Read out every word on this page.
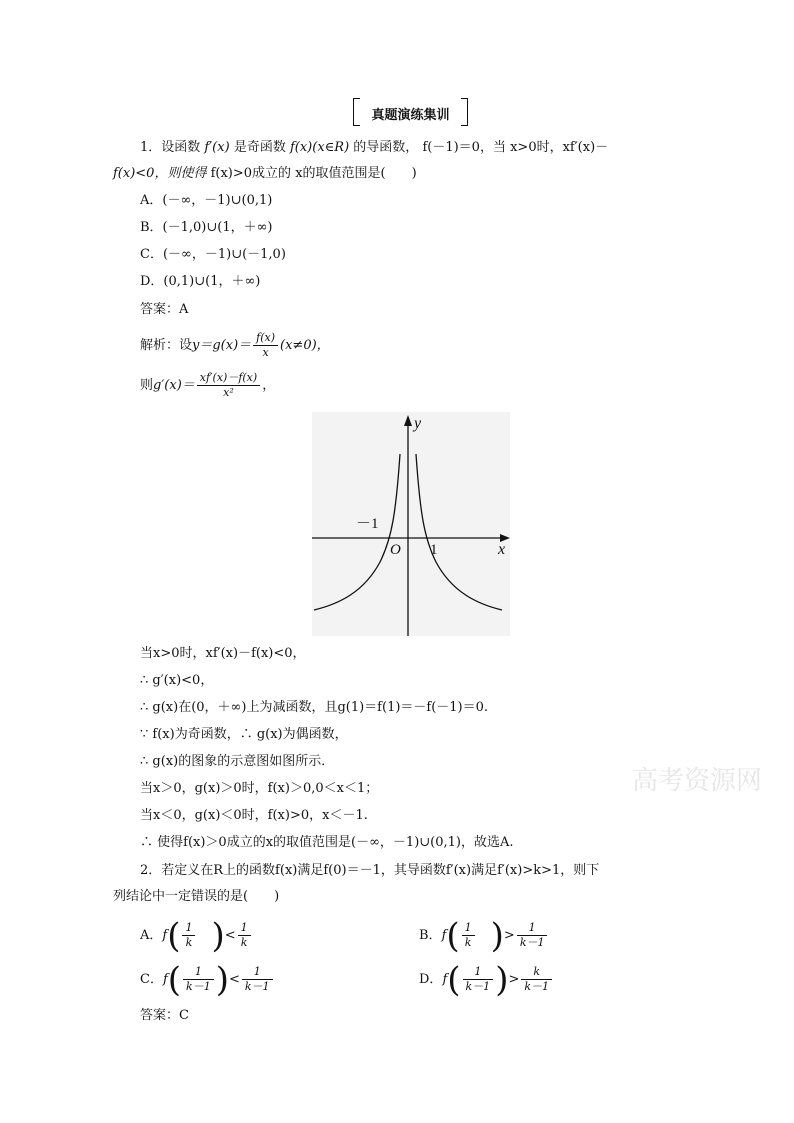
真题演练集训
1．设函数 f′(x) 是奇函数 f(x)(x∈R) 的导函数， f(－1)＝0，当 x>0时，xf′(x)－
f(x)<0，则使得 f(x)>0成立的 x的取值范围是(　　)
A．(－∞，－1)∪(0,1)
B．(－1,0)∪(1，＋∞)
C．(－∞，－1)∪(－1,0)
D．(0,1)∪(1，＋∞)
答案：A
解析：设$y=g(x)= \frac{f(x)}{x} (x\ne 0)$，
则$g'(x)= \frac{xf'(x)-f(x)}{\text{x²}}$ ，
y
x
O
－1
1
当x>0时，xf′(x)－f(x)<0，
∴ g′(x)<0，
∴ g(x)在(0，＋∞)上为减函数，且g(1)＝f(1)＝－f(－1)＝0.
∵ f(x)为奇函数，∴ g(x)为偶函数，
∴ g(x)的图象的示意图如图所示．
当x＞0，g(x)＞0时，f(x)＞0,0＜x＜1；
当x＜0，g(x)＜0时，f(x)>0，x＜－1.
∴ 使得f(x)＞0成立的x的取值范围是(－∞，－1)∪(0,1)，故选A.
2．若定义在R上的函数f(x)满足f(0)＝－1，其导函数f′(x)满足f′(x)>k>1，则下
列结论中一定错误的是(　　)
A．$f( \frac{1}{k}$ )< $\frac{1}{k}$	B．$f( \frac{1}{k}$ )> $\frac{1}{k-1}$
C．$f( \frac{1}{k-1}$ )< $\frac{1}{k-1}$	D．$f( \frac{1}{k-1}$ )> $\frac{k}{k-1}$
答案：C
高考资源网
